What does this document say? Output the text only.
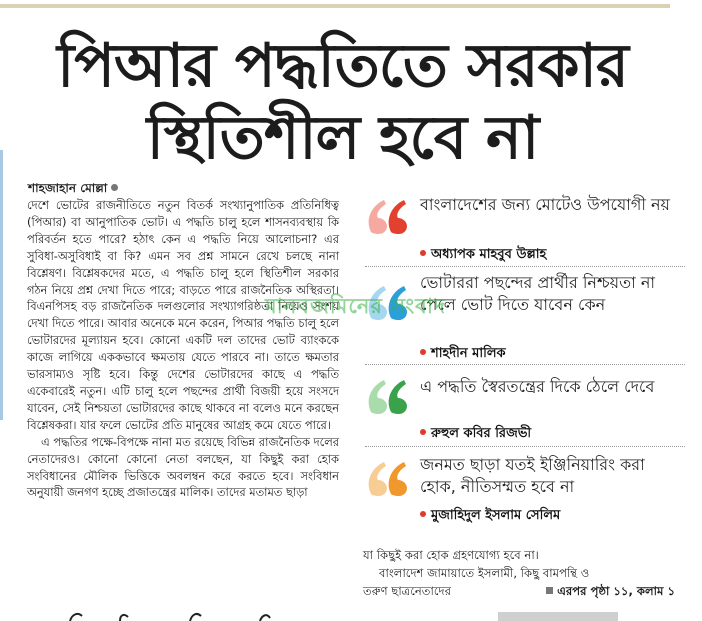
পিআর পদ্ধতিতে সরকার
স্থিতিশীল হবে না
শাহজাহান মোল্লা

দেশে ভোটের রাজনীতিতে নতুন বিতর্ক সংখ্যানুপাতিক প্রতিনিধিত্ব (পিআর) বা আনুপাতিক ভোট। এ পদ্ধতি চালু হলে শাসনব্যবস্থায় কি পরিবর্তন হতে পারে? হঠাৎ কেন এ পদ্ধতি নিয়ে আলোচনা? এর সুবিধা-অসুবিধাই বা কি? এমন সব প্রশ্ন সামনে রেখে চলছে নানা বিশ্লেষণ। বিশ্লেষকদের মতে, এ পদ্ধতি চালু হলে স্থিতিশীল সরকার গঠন নিয়ে প্রশ্ন দেখা দিতে পারে; বাড়তে পারে রাজনৈতিক অস্থিরতা। বিএনপিসহ বড় রাজনৈতিক দলগুলোর সংখ্যাগরিষ্ঠতা নিয়েও সংশয় দেখা দিতে পারে। আবার অনেকে মনে করেন, পিআর পদ্ধতি চালু হলে ভোটারদের মূল্যায়ন হবে। কোনো একটি দল তাদের ভোট ব্যাংককে কাজে লাগিয়ে এককভাবে ক্ষমতায় যেতে পারবে না। তাতে ক্ষমতার ভারসাম্যও সৃষ্টি হবে। কিন্তু দেশের ভোটারদের কাছে এ পদ্ধতি একেবারেই নতুন। এটি চালু হলে পছন্দের প্রার্থী বিজয়ী হয়ে সংসদে যাবেন, সেই নিশ্চয়তা ভোটারদের কাছে থাকবে না বলেও মনে করছেন বিশ্লেষকরা। যার ফলে ভোটের প্রতি মানুষের আগ্রহ কমে যেতে পারে।

এ পদ্ধতির পক্ষে-বিপক্ষে নানা মত রয়েছে বিভিন্ন রাজনৈতিক দলের নেতাদেরও। কোনো কোনো নেতা বলছেন, যা কিছুই করা হোক সংবিধানের মৌলিক ভিত্তিকে অবলম্বন করে করতে হবে। সংবিধান অনুযায়ী জনগণ হচ্ছে প্রজাতন্ত্রের মালিক। তাদের মতামত ছাড়া

বাংলাদেশের জন্য মোটেও উপযোগী নয়
অধ্যাপক মাহবুব উল্লাহ
ভোটাররা পছন্দের প্রার্থীর নিশ্চয়তা না পেলে ভোট দিতে যাবেন কেন
শাহদীন মালিক
এ পদ্ধতি স্বৈরতন্ত্রের দিকে ঠেলে দেবে
রুহুল কবির রিজভী
জনমত ছাড়া যতই ইঞ্জিনিয়ারিং করা হোক, নীতিসম্মত হবে না
মুজাহিদুল ইসলাম সেলিম
মানবজমিনের সংবাদ
যা কিছুই করা হোক গ্রহণযোগ্য হবে না।
বাংলাদেশ জামায়াতে ইসলামী, কিছু বামপন্থি ও
তরুণ ছাত্রনেতাদের	এরপর পৃষ্ঠা ১১, কলাম ১
